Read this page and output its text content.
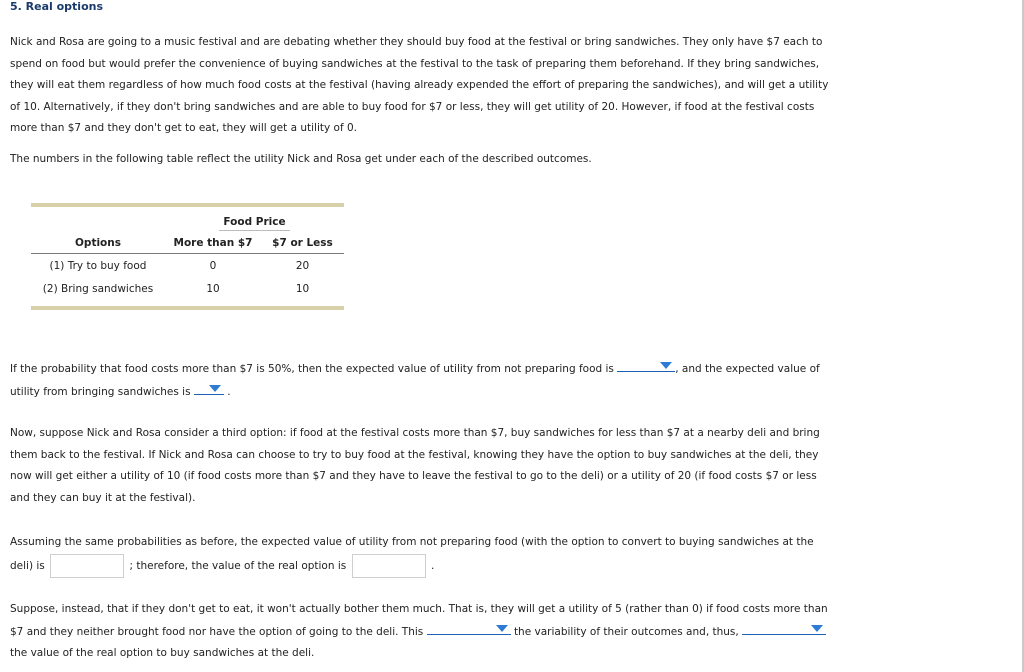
5. Real options

Nick and Rosa are going to a music festival and are debating whether they should buy food at the festival or bring sandwiches. They only have $7 each to spend on food but would prefer the convenience of buying sandwiches at the festival to the task of preparing them beforehand. If they bring sandwiches, they will eat them regardless of how much food costs at the festival (having already expended the effort of preparing the sandwiches), and will get a utility of 10. Alternatively, if they don't bring sandwiches and are able to buy food for $7 or less, they will get utility of 20. However, if food at the festival costs more than $7 and they don't get to eat, they will get a utility of 0.

The numbers in the following table reflect the utility Nick and Rosa get under each of the described outcomes.

	Food Price	
Options	More than $7	$7 or Less
(1) Try to buy food	0	20
(2) Bring sandwiches	10	10

If the probability that food costs more than $7 is 50%, then the expected value of utility from not preparing food is	, and the expected value of utility from bringing sandwiches is	.

Now, suppose Nick and Rosa consider a third option: if food at the festival costs more than $7, buy sandwiches for less than $7 at a nearby deli and bring them back to the festival. If Nick and Rosa can choose to try to buy food at the festival, knowing they have the option to buy sandwiches at the deli, they now will get either a utility of 10 (if food costs more than $7 and they have to leave the festival to go to the deli) or a utility of 20 (if food costs $7 or less and they can buy it at the festival).

Assuming the same probabilities as before, the expected value of utility from not preparing food (with the option to convert to buying sandwiches at the deli) is	; therefore, the value of the real option is	.

Suppose, instead, that if they don't get to eat, it won't actually bother them much. That is, they will get a utility of 5 (rather than 0) if food costs more than $7 and they neither brought food nor have the option of going to the deli. This	the variability of their outcomes and, thus,
the value of the real option to buy sandwiches at the deli.
